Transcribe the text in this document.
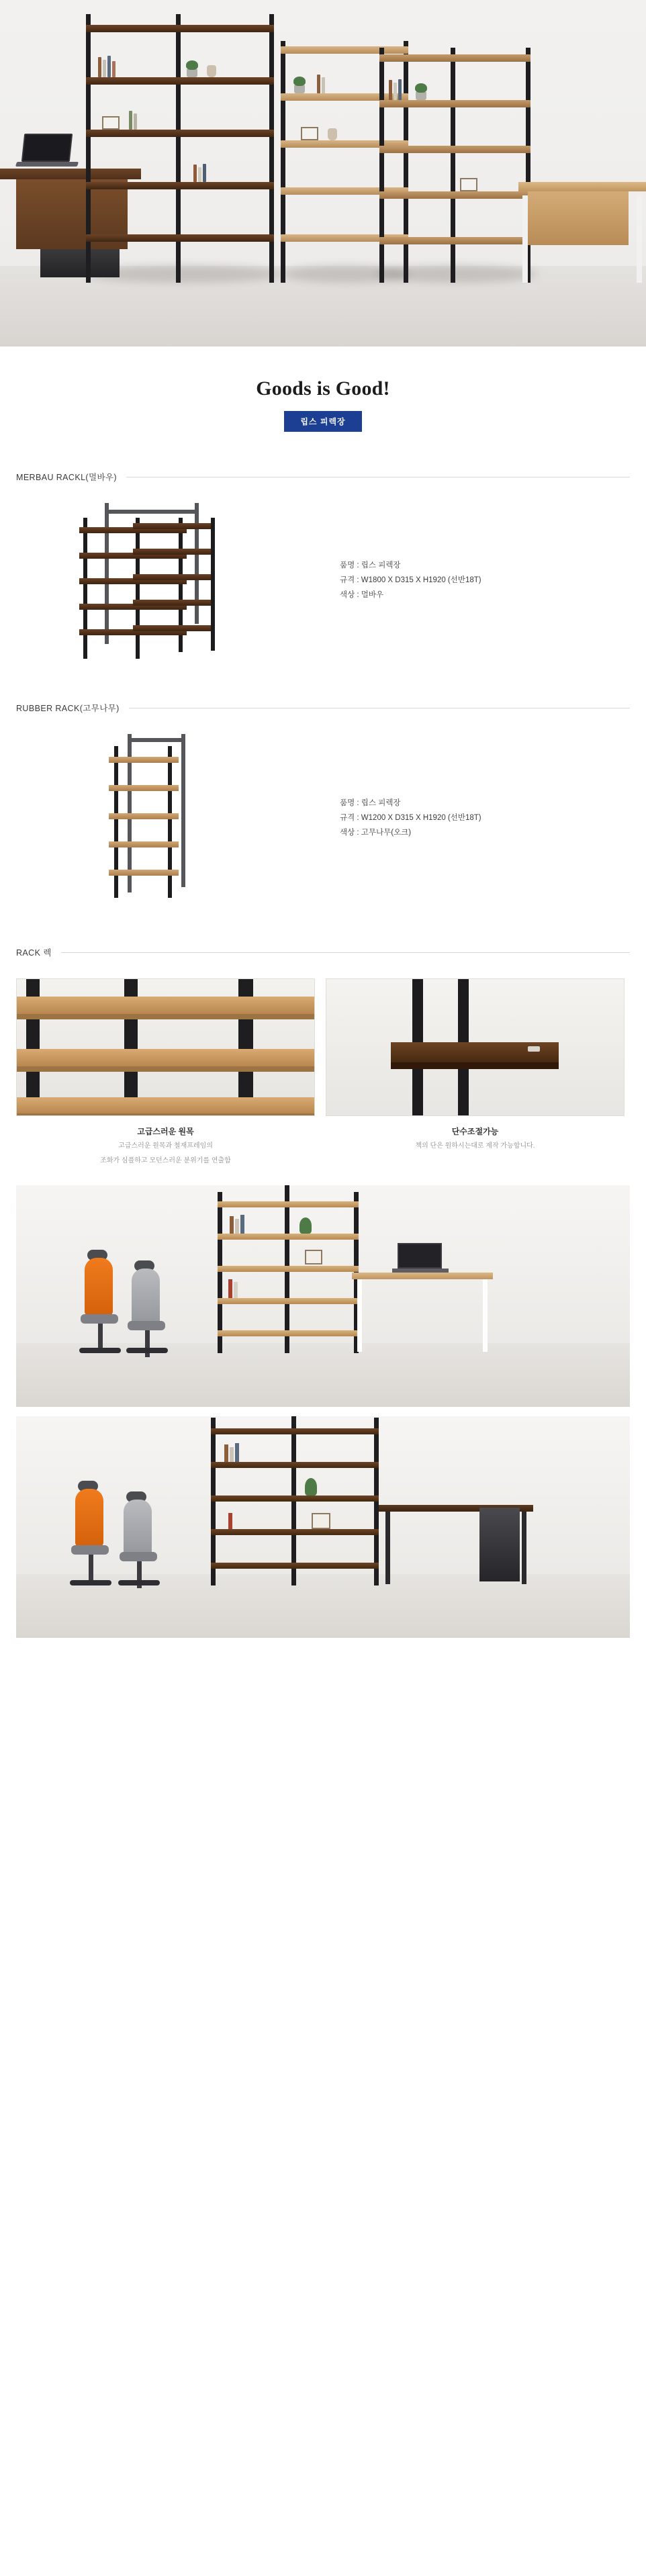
Goods is Good!
립스 피렉장
MERBAU RACKL(멀바우)
품명 : 립스 피렉장
규격 : W1800 X D315 X H1920 (선반18T)
색상 : 멀바우
RUBBER RACK(고무나무)
품명 : 립스 피렉장
규격 : W1200 X D315 X H1920 (선반18T)
색상 : 고무나무(오크)
RACK 렉
고급스러운 원목
고급스러운 원목과 철재프레임의
조화가 심플하고 모던스러운 분위기를 연출함
단수조절가능
책의 단은 원하시는대로 제작 가능합니다.
